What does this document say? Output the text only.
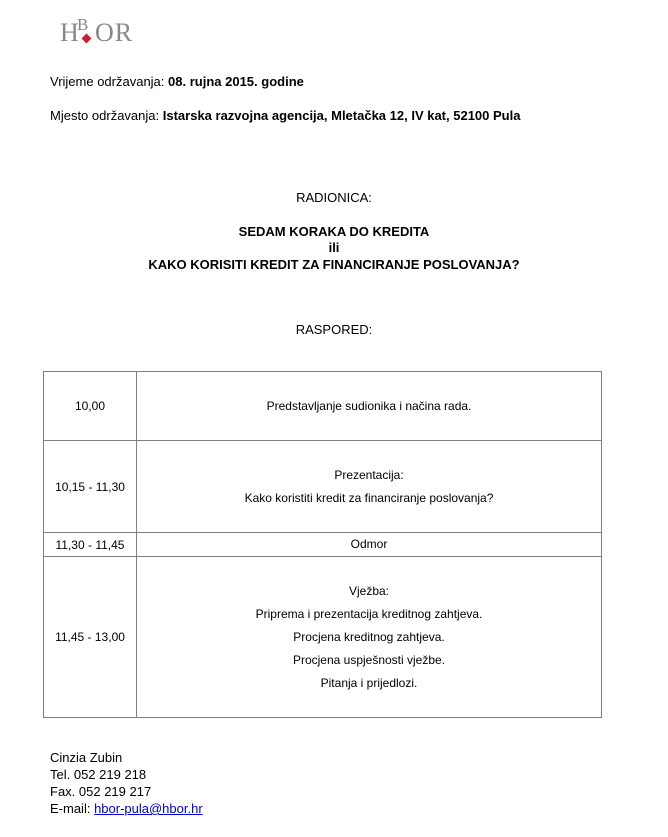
H
B OR
Vrijeme održavanja: 08. rujna 2015. godine
Mjesto održavanja: Istarska razvojna agencija, Mletačka 12, IV kat, 52100 Pula
RADIONICA:
SEDAM KORAKA DO KREDITA
ili
KAKO KORISITI KREDIT ZA FINANCIRANJE POSLOVANJA?
RASPORED:
10,00	Predstavljanje sudionika i načina rada.

10,15 - 11,30	Prezentacija:
Kako koristiti kredit za financiranje poslovanja?

11,30 - 11,45	Odmor

11,45 - 13,00	Vježba:
Priprema i prezentacija kreditnog zahtjeva.
Procjena kreditnog zahtjeva.
Procjena uspješnosti vježbe.
Pitanja i prijedlozi.
Cinzia Zubin
Tel. 052 219 218
Fax. 052 219 217
E-mail: hbor-pula@hbor.hr
